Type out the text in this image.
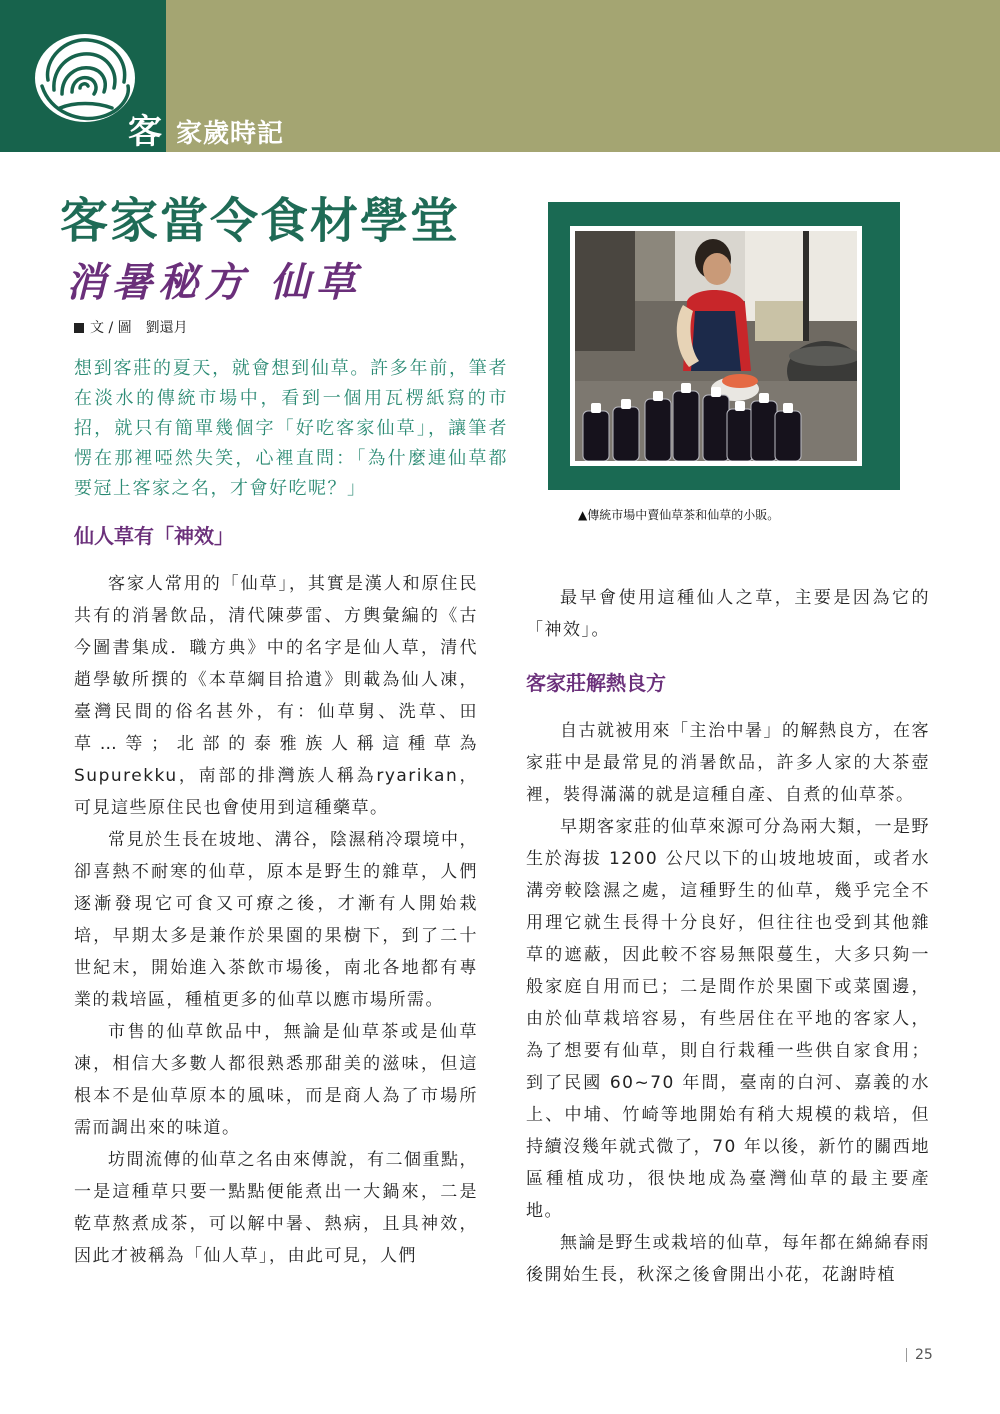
客 家歲時記
客家當令食材學堂
消暑秘方 仙草
文 / 圖　劉還月
想到客莊的夏天，就會想到仙草。許多年前，筆者在淡水的傳統市場中，看到一個用瓦楞紙寫的市招，就只有簡單幾個字「好吃客家仙草」，讓筆者愣在那裡啞然失笑，心裡直問：「為什麼連仙草都要冠上客家之名，才會好吃呢？」
▲傳統市場中賣仙草茶和仙草的小販。
仙人草有「神效」

客家人常用的「仙草」，其實是漢人和原住民共有的消暑飲品，清代陳夢雷、方輿彙編的《古今圖書集成．職方典》中的名字是仙人草，清代趙學敏所撰的《本草綱目拾遺》則載為仙人凍，臺灣民間的俗名甚外，有：仙草舅、洗草、田草…等；北部的泰雅族人稱這種草為Supurekku，南部的排灣族人稱為ryarikan，可見這些原住民也會使用到這種藥草。

常見於生長在坡地、溝谷，陰濕稍冷環境中，卻喜熱不耐寒的仙草，原本是野生的雜草，人們逐漸發現它可食又可療之後，才漸有人開始栽培，早期太多是兼作於果園的果樹下，到了二十世紀末，開始進入茶飲市場後，南北各地都有專業的栽培區，種植更多的仙草以應市場所需。

市售的仙草飲品中，無論是仙草茶或是仙草凍，相信大多數人都很熟悉那甜美的滋味，但這根本不是仙草原本的風味，而是商人為了市場所需而調出來的味道。

坊間流傳的仙草之名由來傳說，有二個重點，一是這種草只要一點點便能煮出一大鍋來，二是乾草熬煮成茶，可以解中暑、熱病，且具神效，因此才被稱為「仙人草」，由此可見，人們

最早會使用這種仙人之草，主要是因為它的「神效」。

客家莊解熱良方

自古就被用來「主治中暑」的解熱良方，在客家莊中是最常見的消暑飲品，許多人家的大茶壺裡，裝得滿滿的就是這種自產、自煮的仙草茶。

早期客家莊的仙草來源可分為兩大類，一是野生於海拔 1200 公尺以下的山坡地坡面，或者水溝旁較陰濕之處，這種野生的仙草，幾乎完全不用理它就生長得十分良好，但往往也受到其他雜草的遮蔽，因此較不容易無限蔓生，大多只夠一般家庭自用而已；二是間作於果園下或菜園邊，由於仙草栽培容易，有些居住在平地的客家人，為了想要有仙草，則自行栽種一些供自家食用；到了民國 60~70 年間，臺南的白河、嘉義的水上、中埔、竹崎等地開始有稍大規模的栽培，但持續沒幾年就式微了，70 年以後，新竹的關西地區種植成功，很快地成為臺灣仙草的最主要產地。

無論是野生或栽培的仙草，每年都在綿綿春雨後開始生長，秋深之後會開出小花，花謝時植

25
